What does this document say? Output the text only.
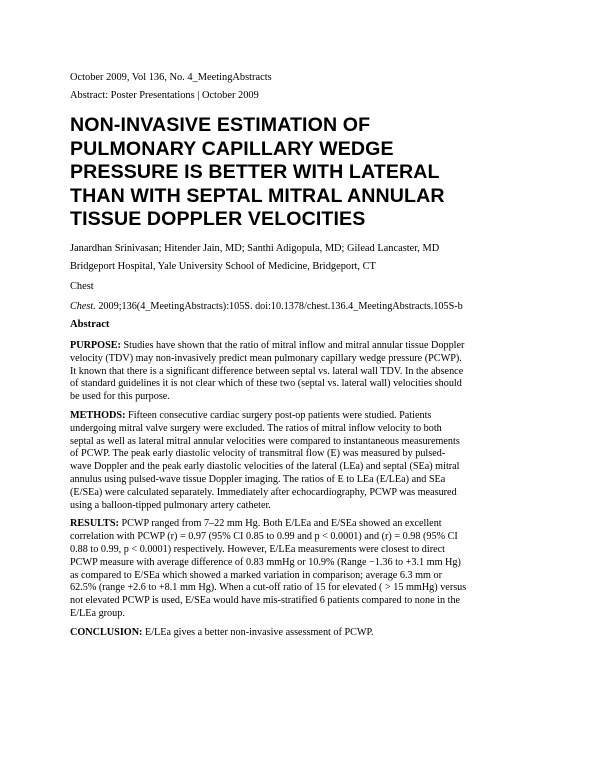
October 2009, Vol 136, No. 4_MeetingAbstracts

Abstract: Poster Presentations | October 2009

NON-INVASIVE ESTIMATION OF
PULMONARY CAPILLARY WEDGE
PRESSURE IS BETTER WITH LATERAL
THAN WITH SEPTAL MITRAL ANNULAR
TISSUE DOPPLER VELOCITIES
Janardhan Srinivasan; Hitender Jain, MD; Santhi Adigopula, MD; Gilead Lancaster, MD
Bridgeport Hospital, Yale University School of Medicine, Bridgeport, CT
Chest
Chest. 2009;136(4_MeetingAbstracts):105S. doi:10.1378/chest.136.4_MeetingAbstracts.105S-b
Abstract
PURPOSE: Studies have shown that the ratio of mitral inflow and mitral annular tissue Doppler
velocity (TDV) may non-invasively predict mean pulmonary capillary wedge pressure (PCWP).
It known that there is a significant difference between septal vs. lateral wall TDV. In the absence
of standard guidelines it is not clear which of these two (septal vs. lateral wall) velocities should
be used for this purpose.
METHODS: Fifteen consecutive cardiac surgery post-op patients were studied. Patients
undergoing mitral valve surgery were excluded. The ratios of mitral inflow velocity to both
septal as well as lateral mitral annular velocities were compared to instantaneous measurements
of PCWP. The peak early diastolic velocity of transmitral flow (E) was measured by pulsed-
wave Doppler and the peak early diastolic velocities of the lateral (LEa) and septal (SEa) mitral
annulus using pulsed-wave tissue Doppler imaging. The ratios of E to LEa (E/LEa) and SEa
(E/SEa) were calculated separately. Immediately after echocardiography, PCWP was measured
using a balloon-tipped pulmonary artery catheter.
RESULTS: PCWP ranged from 7–22 mm Hg. Both E/LEa and E/SEa showed an excellent
correlation with PCWP (r) = 0.97 (95% CI 0.85 to 0.99 and p < 0.0001) and (r) = 0.98 (95% CI
0.88 to 0.99, p < 0.0001) respectively. However, E/LEa measurements were closest to direct
PCWP measure with average difference of 0.83 mmHg or 10.9% (Range −1.36 to +3.1 mm Hg)
as compared to E/SEa which showed a marked variation in comparison; average 6.3 mm or
62.5% (range +2.6 to +8.1 mm Hg). When a cut-off ratio of 15 for elevated ( > 15 mmHg) versus
not elevated PCWP is used, E/SEa would have mis-stratified 6 patients compared to none in the
E/LEa group.
CONCLUSION: E/LEa gives a better non-invasive assessment of PCWP.
